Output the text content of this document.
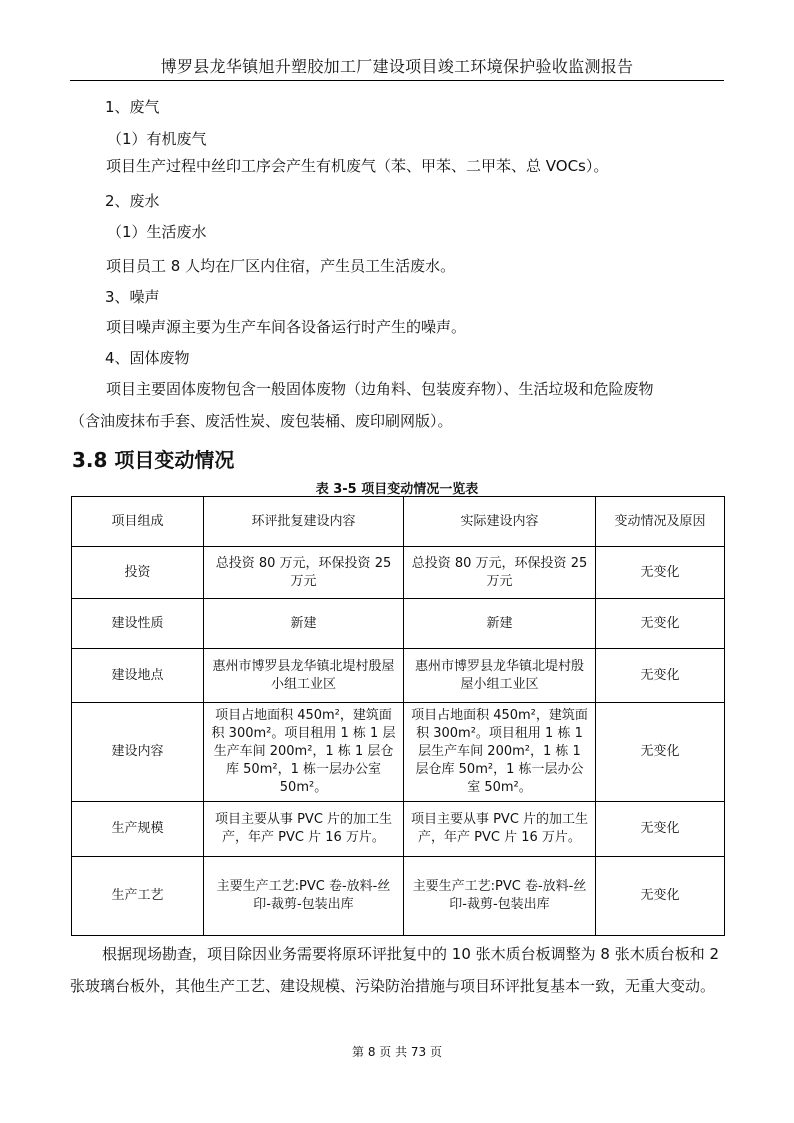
博罗县龙华镇旭升塑胶加工厂建设项目竣工环境保护验收监测报告
1、废气
（1）有机废气
项目生产过程中丝印工序会产生有机废气（苯、甲苯、二甲苯、总 VOCs）。
2、废水
（1）生活废水
项目员工 8 人均在厂区内住宿，产生员工生活废水。
3、噪声
项目噪声源主要为生产车间各设备运行时产生的噪声。
4、固体废物
项目主要固体废物包含一般固体废物（边角料、包装废弃物）、生活垃圾和危险废物
（含油废抹布手套、废活性炭、废包装桶、废印刷网版）。
3.8 项目变动情况
表 3-5 项目变动情况一览表
项目组成	环评批复建设内容	实际建设内容	变动情况及原因
投资	总投资 80 万元，环保投资 25 万元	总投资 80 万元，环保投资 25 万元	无变化
建设性质	新建	新建	无变化
建设地点	惠州市博罗县龙华镇北堤村殷屋小组工业区	惠州市博罗县龙华镇北堤村殷屋小组工业区	无变化
建设内容	项目占地面积 450m²，建筑面积 300m²。项目租用 1 栋 1 层生产车间 200m²，1 栋 1 层仓库 50m²，1 栋一层办公室 50m²。	项目占地面积 450m²，建筑面积 300m²。项目租用 1 栋 1 层生产车间 200m²，1 栋 1 层仓库 50m²，1 栋一层办公室 50m²。	无变化
生产规模	项目主要从事 PVC 片的加工生产，年产 PVC 片 16 万片。	项目主要从事 PVC 片的加工生产，年产 PVC 片 16 万片。	无变化
生产工艺	主要生产工艺:PVC 卷-放料-丝印-裁剪-包装出库	主要生产工艺:PVC 卷-放料-丝印-裁剪-包装出库	无变化
根据现场勘查，项目除因业务需要将原环评批复中的 10 张木质台板调整为 8 张木质台板和 2 张玻璃台板外，其他生产工艺、建设规模、污染防治措施与项目环评批复基本一致，无重大变动。
第 8 页 共 73 页
